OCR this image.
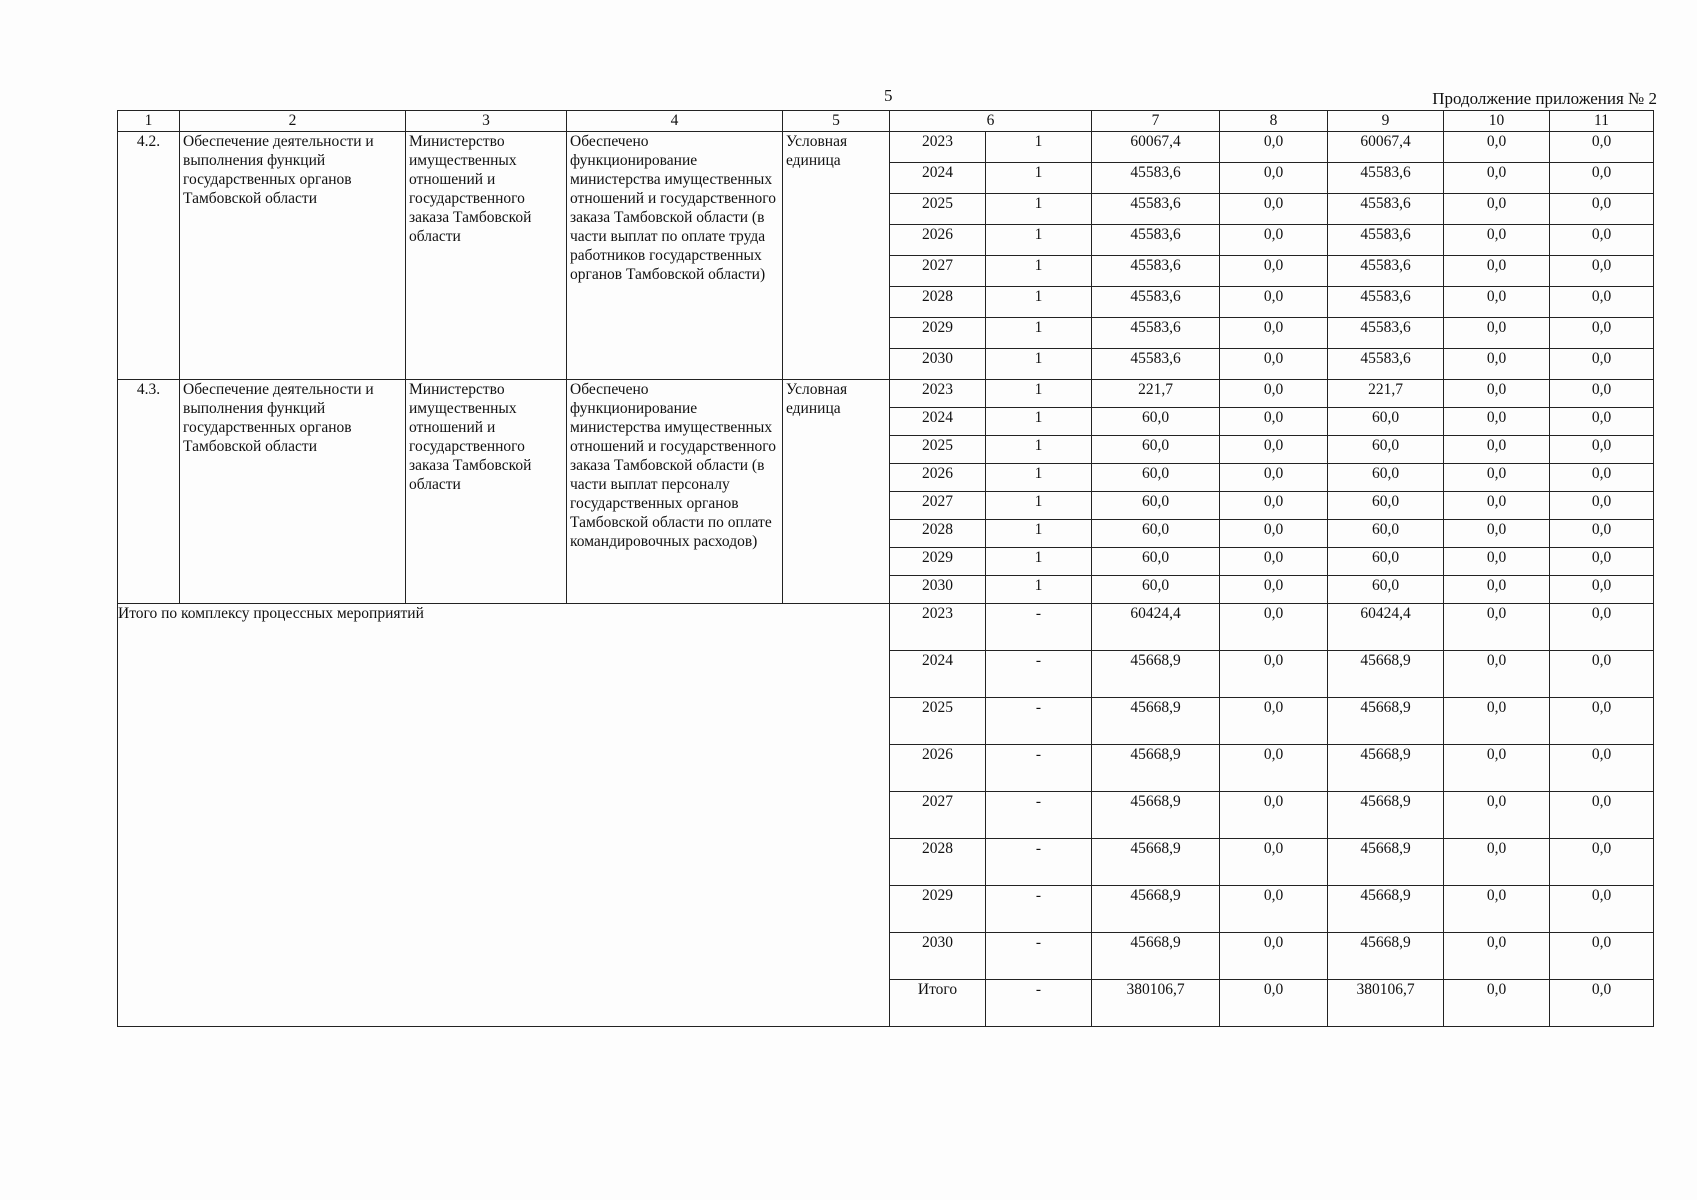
5	Продолжение приложения № 2
1	2	3	4	5	6		7	8	9	10	11
4.2.	Обеспечение деятельности и выполнения функций государственных органов Тамбовской области	Министерство имущественных отношений и государственного заказа Тамбовской области	Обеспечено функционирование министерства имущественных отношений и государственного заказа Тамбовской области (в части выплат по оплате труда работников государственных органов Тамбовской области)	Условная единица	2023	1	60067,4	0,0	60067,4	0,0	0,0
					2024	1	45583,6	0,0	45583,6	0,0	0,0
					2025	1	45583,6	0,0	45583,6	0,0	0,0
					2026	1	45583,6	0,0	45583,6	0,0	0,0
					2027	1	45583,6	0,0	45583,6	0,0	0,0
					2028	1	45583,6	0,0	45583,6	0,0	0,0
					2029	1	45583,6	0,0	45583,6	0,0	0,0
					2030	1	45583,6	0,0	45583,6	0,0	0,0
4.3.	Обеспечение деятельности и выполнения функций государственных органов Тамбовской области	Министерство имущественных отношений и государственного заказа Тамбовской области	Обеспечено функционирование министерства имущественных отношений и государственного заказа Тамбовской области (в части выплат персоналу государственных органов Тамбовской области по оплате командировочных расходов)	Условная единица	2023	1	221,7	0,0	221,7	0,0	0,0
					2024	1	60,0	0,0	60,0	0,0	0,0
					2025	1	60,0	0,0	60,0	0,0	0,0
					2026	1	60,0	0,0	60,0	0,0	0,0
					2027	1	60,0	0,0	60,0	0,0	0,0
					2028	1	60,0	0,0	60,0	0,0	0,0
					2029	1	60,0	0,0	60,0	0,0	0,0
					2030	1	60,0	0,0	60,0	0,0	0,0
Итого по комплексу процессных мероприятий					2023	-	60424,4	0,0	60424,4	0,0	0,0
					2024	-	45668,9	0,0	45668,9	0,0	0,0
					2025	-	45668,9	0,0	45668,9	0,0	0,0
					2026	-	45668,9	0,0	45668,9	0,0	0,0
					2027	-	45668,9	0,0	45668,9	0,0	0,0
					2028	-	45668,9	0,0	45668,9	0,0	0,0
					2029	-	45668,9	0,0	45668,9	0,0	0,0
					2030	-	45668,9	0,0	45668,9	0,0	0,0
					Итого	-	380106,7	0,0	380106,7	0,0	0,0
